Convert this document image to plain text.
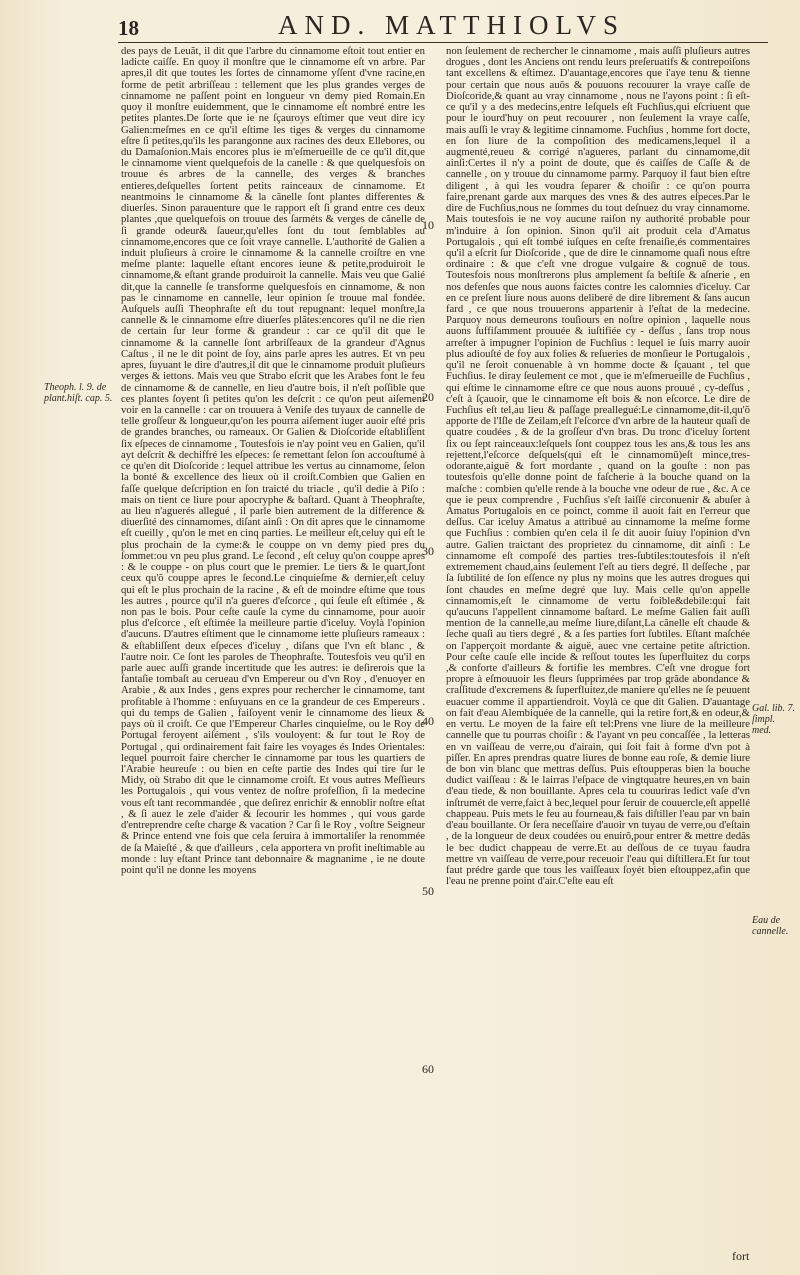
18	AND. MATTHIOLVS

des pays de Leuãt, il dit que l'arbre du cinnamome eſtoit tout entier en ladicte caiſſe. En quoy il monſtre que le cinnamome eſt vn arbre. Par apres,il dit que toutes les ſortes de cinnamome yſſent d'vne racine,en forme de petit arbriſſeau : tellement que les plus grandes verges de cinnamome ne paſſent point en longueur vn demy pied Romain.En quoy il monſtre euidemment, que le cinnamome eſt nombré entre les petites plantes.De ſorte que ie ne ſçauroys eſtimer que veut dire icy Galien:meſmes en ce qu'il eſtime les tiges & verges du cinnamome eſtre ſi petites,qu'ils les parangonne aux racines des deux Ellebores, ou du Damaſonion.Mais encores plus ie m'eſmerueille de ce qu'il dit,que le cinnamome vient quelquefois de la canelle : & que quelquesfois on trouue és arbres de la cannelle, des verges & branches entieres,deſquelles ſortent petits rainceaux de cinnamome. Et neantmoins le cinnamome & la cãnelle ſont plantes differentes & diuerſes. Sinon parauenture que le rapport eſt ſi grand entre ces deux plantes ,que quelquefois on trouue des ſarméts & verges de cãnelle de ſi grande odeur& ſaueur,qu'elles ſont du tout ſemblables au cinnamome,encores que ce ſoit vraye cannelle. L'authorité de Galien a induit pluſieurs à croire le cinnamome & la cannelle croiſtre en vne meſme plante: laquelle eſtant encores ieune & petite,produiroit le cinnamome,& eſtant grande produiroit la cannelle. Mais veu que Galié dit,que la cannelle ſe transforme quelquesfois en cinnamome, & non pas le cinnamome en cannelle, leur opinion ſe trouue mal fondée. Auſquels auſſi Theophraſte eſt du tout repugnant: lequel monſtre,la cannelle & le cinnamome eſtre diuerſes plãtes:encores qu'il ne die rien de certain ſur leur forme & grandeur : car ce qu'il dit que le cinnamome & la cannelle ſont arbriſſeaux de la grandeur d'Agnus Caſtus , il ne le dit point de ſoy, ains parle apres les autres. Et vn peu apres, ſuyuant le dire d'autres,il dit que le cinnamome produit pluſieurs verges & iettons. Mais veu que Strabo eſcrit que les Arabes font le feu de cinnamome & de cannelle, en lieu d'autre bois, il n'eſt poſſible que ces plantes ſoyent ſi petites qu'on les deſcrit : ce qu'on peut aiſement voir en la cannelle : car on trouuera à Veniſe des tuyaux de cannelle de telle groſſeur & longueur,qu'on les pourra aiſement iuger auoir eſté pris de grandes branches, ou rameaux. Or Galien & Dioſcoride eſtabliſſent ſix eſpeces de cinnamome , Toutesfois ie n'ay point veu en Galien, qu'il ayt deſcrit & dechiffré les eſpeces: ſe remettant ſelon ſon accouſtumé à ce qu'en dit Dioſcoride : lequel attribue les vertus au cinnamome, ſelon la bonté & excellence des lieux où il croiſt.Combien que Galien en faſſe quelque deſcription en ſon traicté du triacle , qu'il dedie à Piſo : mais on tient ce liure pour apocryphe & baſtard. Quant à Theophraſte, au lieu n'aguerés allegué , il parle bien autrement de la difference & diuerſité des cinnamomes, diſant ainſi : On dit apres que le cinnamome eſt cueilly , qu'on le met en cinq parties. Le meilleur eſt,celuy qui eſt le plus prochain de la cyme:& le couppe on vn demy pied pres du ſommet:ou vn peu plus grand. Le ſecond , eſt celuy qu'on couppe apres : & le couppe - on plus court que le premier. Le tiers & le quart,ſont ceux qu'õ couppe apres le ſecond.Le cinquieſme & dernier,eſt celuy qui eſt le plus prochain de la racine , & eſt de moindre eſtime que tous les autres , pource qu'il n'a gueres d'eſcorce , qui ſeule eſt eſtimée , & non pas le bois. Pour ceſte cauſe la cyme du cinnamome, pour auoir plus d'eſcorce , eſt eſtimée la meilleure partie d'iceluy. Voylà l'opinion d'aucuns. D'autres eſtiment que le cinnamome iette pluſieurs rameaux : & eſtabliſſent deux eſpeces d'iceluy , diſans que l'vn eſt blanc , & l'autre noir. Ce ſont les paroles de Theophraſte. Toutesfois veu qu'il en parle auec auſſi grande incertitude que les autres: ie deſirerois que la fantaſie tombaſt au cerueau d'vn Empereur ou d'vn Roy , d'enuoyer en Arabie , & aux Indes , gens expres pour rechercher le cinnamome, tant profitable à l'homme : enſuyuans en ce la grandeur de ces Empereurs . qui du temps de Galien , faiſoyent venir le cinnamome des lieux & pays où il croiſt. Ce que l'Empereur Charles cinquieſme, ou le Roy de Portugal feroyent aiſément , s'ils vouloyent: & ſur tout le Roy de Portugal , qui ordinairement fait faire les voyages és Indes Orientales: lequel pourroit faire chercher le cinnamome par tous les quartiers de l'Arabie heureuſe : ou bien en ceſte partie des Indes qui tire ſur le Midy, où Strabo dit que le cinnamome croiſt. Et vous autres Meſſieurs les Portugalois , qui vous ventez de noſtre profeſſion, ſi la medecine vous eſt tant recommandée , que deſirez enrichir & ennoblir noſtre eſtat , & ſi auez le zele d'aider & ſecourir les hommes , qui vous garde d'entreprendre ceſte charge & vacation ? Car ſi le Roy , voſtre Seigneur & Prince entend vne fois que cela ſeruira à immortaliſer la renommée de ſa Maieſté , & que d'ailleurs , cela apportera vn profit ineſtimable au monde : luy eſtant Prince tant debonnaire & magnanime , ie ne doute point qu'il ne donne les moyens

non ſeulement de rechercher le cinnamome , mais auſſi pluſieurs autres drogues , dont les Anciens ont rendu leurs preſeruatifs & contrepoiſons tant excellens & eſtimez. D'auantage,encores que i'aye tenu & tienne pour certain que nous auõs & pouuons recouurer la vraye caſſe de Dioſcoride,& quant au vray cinnamome , nous ne l'ayons point : ſi eſt-ce qu'il y a des medecins,entre leſquels eſt Fuchſius,qui eſcriuent que pour le iourd'huy on peut recouurer , non ſeulement la vraye caſſe, mais auſſi le vray & legitime cinnamome. Fuchſius , homme fort docte, en ſon liure de la compoſition des medicamens,lequel il a augmenté,reueu & corrigé n'agueres, parlant du cinnamome,dit ainſi:Certes il n'y a point de doute, que és caiſſes de Caſſe & de cannelle , on y trouue du cinnamome parmy. Parquoy il faut bien eſtre diligent , à qui les voudra ſeparer & choiſir : ce qu'on pourra faire,prenant garde aux marques des vnes & des autres eſpeces.Par le dire de Fuchſius,nous ne ſommes du tout deſnuez du vray cinnamome. Mais toutesfois ie ne voy aucune raiſon ny authorité probable pour m'induire à ſon opinion. Sinon qu'il ait produit cela d'Amatus Portugalois , qui eſt tombé iuſques en ceſte frenaiſie,és commentaires qu'il a eſcrit ſur Dioſcoride , que de dire le cinnamome quaſi nous eſtre ordinaire : & que c'eſt vne drogue vulgaire & cognuë de tous. Toutesfois nous monſtrerons plus amplement ſa beſtiſe & aſnerie , en nos defenſes que nous auons faictes contre les calomnies d'iceluy. Car en ce preſent liure nous auons deliberé de dire librement & ſans aucun fard , ce que nous trouuerons appartenir à l'eſtat de la medecine. Parquoy nous demeurons touſiours en noſtre opinion , laquelle nous auons ſuffiſamment prouuée & iuſtifiée cy - deſſus , ſans trop nous arreſter à impugner l'opinion de Fuchſius : lequel ie ſuis marry auoir plus adiouſté de foy aux folies & reſueries de monſieur le Portugalois , qu'il ne ſeroit conuenable à vn homme docte & ſçauant , tel que Fuchſius. Ie diray ſeulement ce mot , que ie m'eſmerueille de Fuchſius , qui eſtime le cinnamome eſtre ce que nous auons prouué , cy-deſſus , c'eſt à ſçauoir, que le cinnamome eſt bois & non eſcorce. Le dire de Fuchſius eſt tel,au lieu & paſſage preallegué:Le cinnamome,dit-il,qu'õ apporte de l'Iſle de Zeilam,eſt l'eſcorce d'vn arbre de la hauteur quaſi de quatre coudées , & de la groſſeur d'vn bras. Du tronc d'iceluy ſortent ſix ou ſept rainceaux:leſquels ſont couppez tous les ans,& tous les ans rejettent,l'eſcorce deſquels(qui eſt le cinnamomũ)eſt mince,tres-odorante,aiguë & fort mordante , quand on la gouſte : non pas toutesfois qu'elle donne point de faſcherie à la bouche quand on la maſche : combien qu'elle rende à la bouche vne odeur de rue , &c. A ce que ie peux comprendre , Fuchſius s'eſt laiſſé circonuenir & abuſer à Amatus Portugalois en ce poinct, comme il auoit fait en l'erreur que deſſus. Car iceluy Amatus a attribué au cinnamome la meſme forme que Fuchſius : combien qu'en cela il ſe dit auoir ſuiuy l'opinion d'vn autre. Galien traictant des proprietez du cinnamome, dit ainſi : Le cinnamome eſt compoſé des parties tres-ſubtiles:toutesfois il n'eſt extremement chaud,ains ſeulement l'eſt au tiers degré. Il deſſeche , par ſa ſubtilité de ſon eſſence ny plus ny moins que les autres drogues qui ſont chaudes en meſme degré que luy. Mais celle qu'on appelle cinnamomis,eſt le cinnamome de vertu foible&debile:qui fait qu'aucuns l'appellent cinnamome baſtard. Le meſme Galien fait auſſi mention de la cannelle,au meſme liure,diſant,La cãnelle eſt chaude & ſeche quaſi au tiers degré , & a ſes parties fort ſubtiles. Eſtant maſchée on l'apperçoit mordante & aiguë, auec vne certaine petite aſtriction. Pour ceſte cauſe elle incide & reſſout toutes les ſuperfluitez du corps ,& conforte d'ailleurs & fortifie les membres. C'eſt vne drogue fort propre à eſmouuoir les fleurs ſupprimées par trop grãde abondance & craſſitude d'excremens & ſuperfluitez,de maniere qu'elles ne ſe peuuent euacuer comme il appartiendroit. Voylà ce que dit Galien. D'auantage on fait d'eau Alembiquée de la cannelle, qui la retire fort,& en odeur,& en vertu. Le moyen de la faire eſt tel:Prens vne liure de la meilleure cannelle que tu pourras choiſir : & l'ayant vn peu concaſſée , la letteras en vn vaiſſeau de verre,ou d'airain, qui ſoit fait à forme d'vn pot à piſſer. En apres prendras quatre liures de bonne eau roſe, & demie liure de bon vin blanc que mettras deſſus. Puis eſtoupperas bien la bouche dudict vaiſſeau : & le lairras l'eſpace de vingtquatre heures,en vn bain d'eau tiede, & non bouillante. Apres cela tu couuriras ledict vaſe d'vn inſtrumét de verre,faict à bec,lequel pour ſeruir de couuercle,eſt appellé chappeau. Puis mets le feu au fourneau,& fais diſtiller l'eau par vn bain d'eau bouillante. Or ſera neceſſaire d'auoir vn tuyau de verre,ou d'eſtain , de la longueur de deux coudées ou enuirõ,pour entrer & mettre dedãs le bec dudict chappeau de verre.Et au deſſous de ce tuyau faudra mettre vn vaiſſeau de verre,pour receuoir l'eau qui diſtillera.Et ſur tout faut prédre garde que tous les vaiſſeaux ſoyét bien eſtouppez,afin que l'eau ne prenne point d'air.C'eſte eau eſt

10
20
30
40
50
60
Theoph. l. 9. de plant.hiſt. cap. 5.
Gal. lib. 7. ſimpl. med.
Eau de cannelle.
fort
